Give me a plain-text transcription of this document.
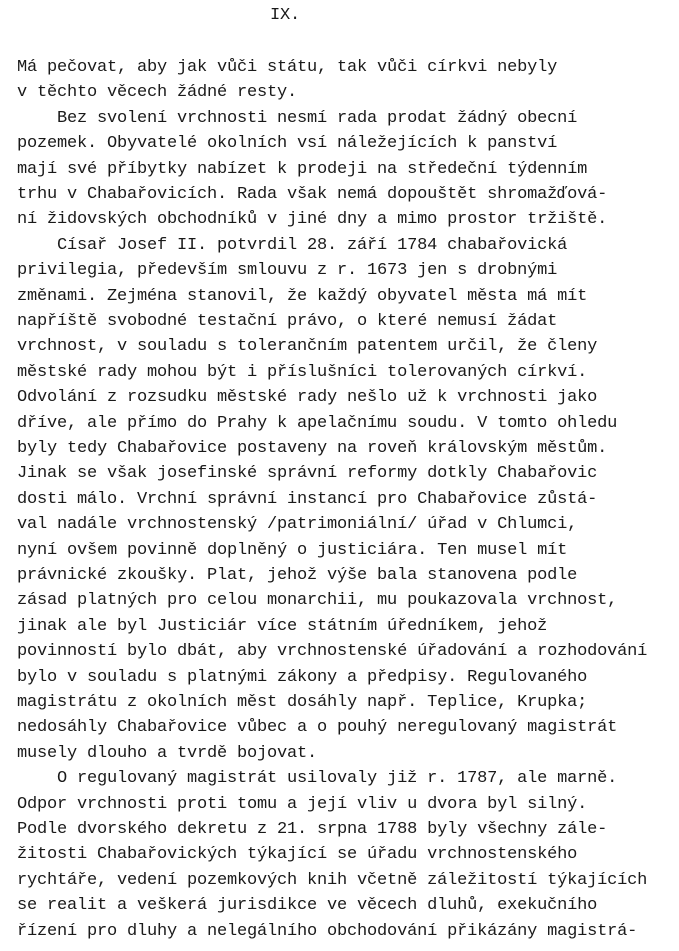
IX.
Má pečovat, aby jak vůči státu, tak vůči církvi nebyly
v těchto věcech žádné resty.
Bez svolení vrchnosti nesmí rada prodat žádný obecní
pozemek. Obyvatelé okolních vsí náležejících k panství
mají své příbytky nabízet k prodeji na středeční týdenním
trhu v Chabařovicích. Rada však nemá dopouštět shromažďová-
ní židovských obchodníků v jiné dny a mimo prostor tržiště.
Císař Josef II. potvrdil 28. září 1784 chabařovická
privilegia, především smlouvu z r. 1673 jen s drobnými
změnami. Zejména stanovil, že každý obyvatel města má mít
napříště svobodné testační právo, o které nemusí žádat
vrchnost, v souladu s tolerančním patentem určil, že členy
městské rady mohou být i příslušníci tolerovaných církví.
Odvolání z rozsudku městské rady nešlo už k vrchnosti jako
dříve, ale přímo do Prahy k apelačnímu soudu. V tomto ohledu
byly tedy Chabařovice postaveny na roveň královským městům.
Jinak se však josefinské správní reformy dotkly Chabařovic
dosti málo. Vrchní správní instancí pro Chabařovice zůstá-
val nadále vrchnostenský /patrimoniální/ úřad v Chlumci,
nyní ovšem povinně doplněný o justiciára. Ten musel mít
právnické zkoušky. Plat, jehož výše bala stanovena podle
zásad platných pro celou monarchii, mu poukazovala vrchnost,
jinak ale byl Justiciár více státním úředníkem, jehož
povinností bylo dbát, aby vrchnostenské úřadování a rozhodování
bylo v souladu s platnými zákony a předpisy. Regulovaného
magistrátu z okolních měst dosáhly např. Teplice, Krupka;
nedosáhly Chabařovice vůbec a o pouhý neregulovaný magistrát
musely dlouho a tvrdě bojovat.
O regulovaný magistrát usilovaly již r. 1787, ale marně.
Odpor vrchnosti proti tomu a její vliv u dvora byl silný.
Podle dvorského dekretu z 21. srpna 1788 byly všechny zále-
žitosti Chabařovických týkající se úřadu vrchnostenského
rychtáře, vedení pozemkových knih včetně záležitostí týkajících
se realit a veškerá jurisdikce ve věcech dluhů, exekučního
řízení pro dluhy a nelegálního obchodování přikázány magistrá-
